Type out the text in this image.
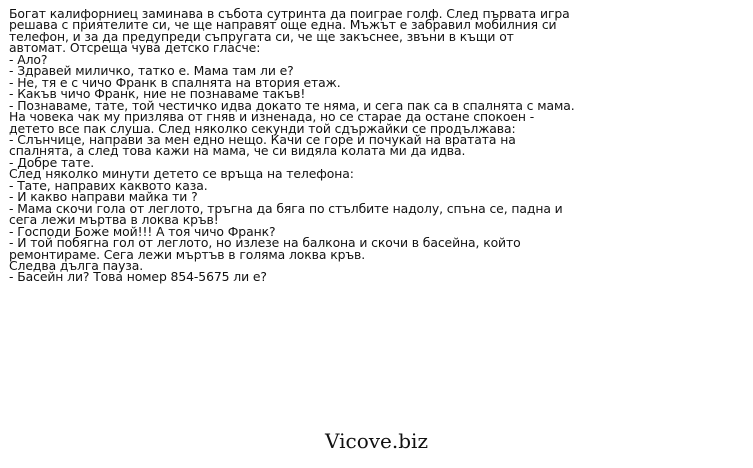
Богат калифорниец заминава в събота сутринта да поиграе голф. След първата игра
решава с приятелите си, че ще направят още една. Мъжът е забравил мобилния си
телефон, и за да предупреди съпругата си, че ще закъснее, звъни в къщи от
автомат. Отсреща чува детско гласче:
- Ало?
- Здравей миличко, татко е. Мама там ли е?
- Не, тя е с чичо Франк в спалнята на втория етаж.
- Какъв чичо Франк, ние не познаваме такъв!
- Познаваме, тате, той честичко идва докато те няма, и сега пак са в спалнята с мама.
На човека чак му призлява от гняв и изненада, но се старае да остане спокоен -
детето все пак слуша. След няколко секунди той сдържайки се продължава:
- Слънчице, направи за мен едно нещо. Качи се горе и почукай на вратата на
спалнята, а след това кажи на мама, че си видяла колата ми да идва.
- Добре тате.
След няколко минути детето се връща на телефона:
- Тате, направих каквото каза.
- И какво направи майка ти ?
- Мама скочи гола от леглото, тръгна да бяга по стълбите надолу, спъна се, падна и
сега лежи мъртва в локва кръв!
- Господи Боже мой!!! А тоя чичо Франк?
- И той побягна гол от леглото, но излезе на балкона и скочи в басейна, който
ремонтираме. Сега лежи мъртъв в голяма локва кръв.
Следва дълга пауза.
- Басейн ли? Това номер 854-5675 ли е?
Vicove.biz
